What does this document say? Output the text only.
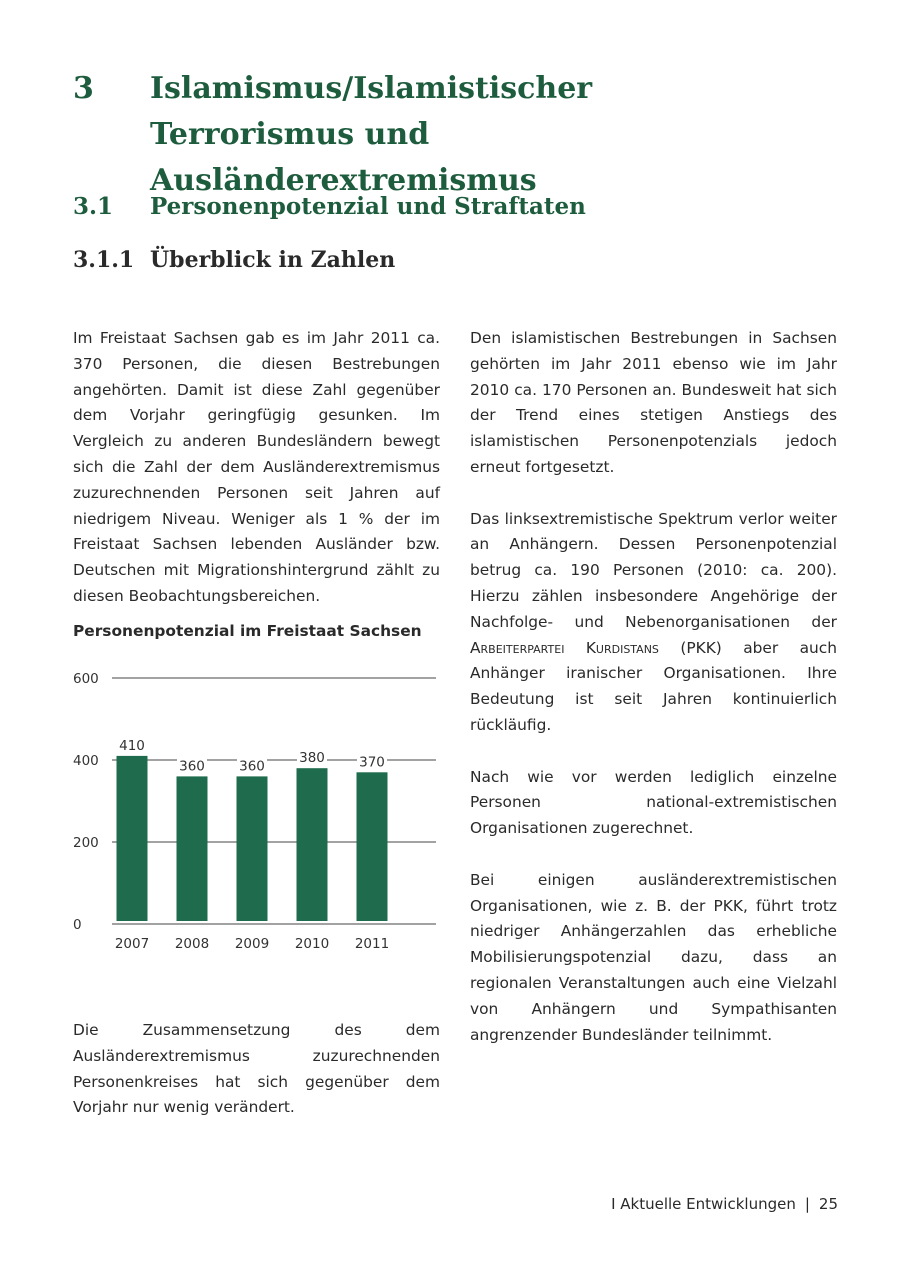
3 Islamismus/Islamistischer Terrorismus und Ausländerextremismus
3.1 Personenpotenzial und Straftaten
3.1.1 Überblick in Zahlen

Im Freistaat Sachsen gab es im Jahr 2011 ca. 370 Personen, die diesen Bestrebungen angehörten. Damit ist diese Zahl gegenüber dem Vorjahr geringfügig gesunken. Im Vergleich zu anderen Bundesländern bewegt sich die Zahl der dem Ausländerextremismus zuzurechnenden Personen seit Jahren auf niedrigem Niveau. Weniger als 1 % der im Freistaat Sachsen lebenden Ausländer bzw. Deutschen mit Migrationshintergrund zählt zu diesen Beobachtungsbereichen.

Personenpotenzial im Freistaat Sachsen
0
200
400
600
410
2007
360
2008
360
2009
380
2010
370
2011

Die Zusammensetzung des dem Ausländerextremismus zuzurechnenden Personenkreises hat sich gegenüber dem Vorjahr nur wenig verändert.

Den islamistischen Bestrebungen in Sachsen gehörten im Jahr 2011 ebenso wie im Jahr 2010 ca. 170 Personen an. Bundesweit hat sich der Trend eines stetigen Anstiegs des islamistischen Personenpotenzials jedoch erneut fortgesetzt.

Das linksextremistische Spektrum verlor weiter an Anhängern. Dessen Personenpotenzial betrug ca. 190 Personen (2010: ca. 200). Hierzu zählen insbesondere Angehörige der Nachfolge- und Nebenorganisationen der Arbeiterpartei Kurdistans (PKK) aber auch Anhänger iranischer Organisationen. Ihre Bedeutung ist seit Jahren kontinuierlich rückläufig.

Nach wie vor werden lediglich einzelne Personen national-extremistischen Organisationen zugerechnet.

Bei einigen ausländerextremistischen Organisationen, wie z. B. der PKK, führt trotz niedriger Anhängerzahlen das erhebliche Mobilisierungspotenzial dazu, dass an regionalen Veranstaltungen auch eine Vielzahl von Anhängern und Sympathisanten angrenzender Bundesländer teilnimmt.

I Aktuelle Entwicklungen | 25
